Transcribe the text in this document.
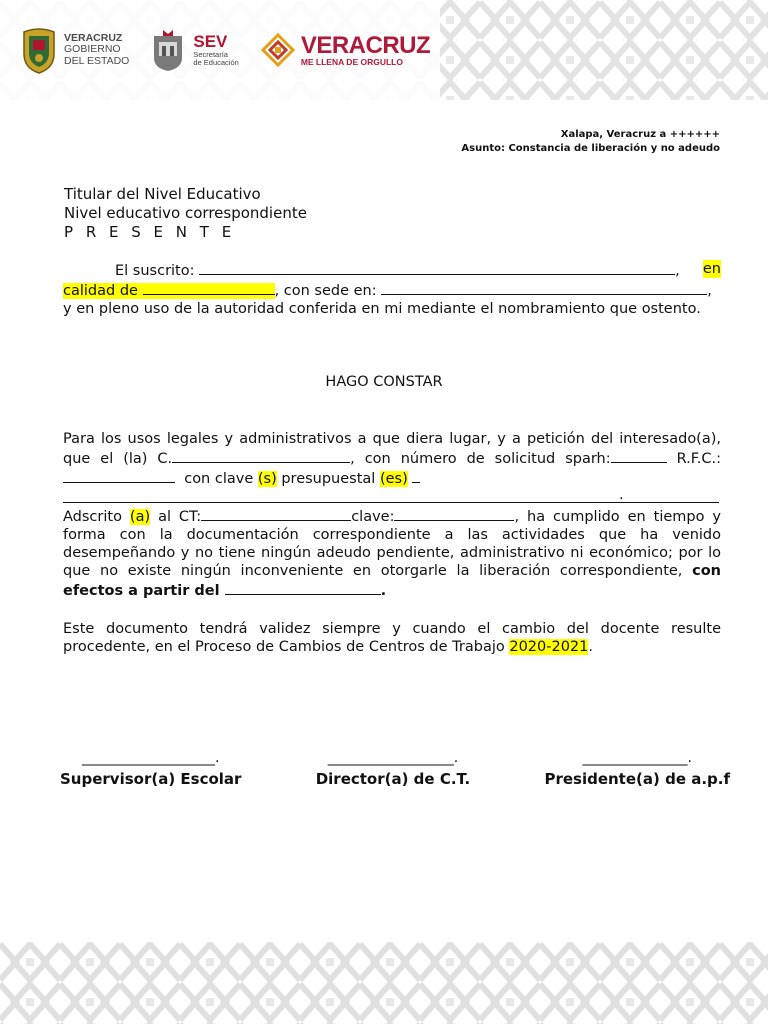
VERACRUZ
GOBIERNO
DEL ESTADO
SEV
Secretaría
de Educación
VERACRUZ
ME LLENA DE ORGULLO
Xalapa, Veracruz a ++++++
Asunto: Constancia de liberación y no adeudo
Titular del Nivel Educativo
Nivel educativo correspondiente
P R E S E N T E
El suscrito:	, en
calidad de	, con sede en:	,
y en pleno uso de la autoridad conferida en mi mediante el nombramiento que ostento.
HAGO CONSTAR
Para los usos legales y administrativos a que diera lugar, y a petición del interesado(a), que el (la) C.	, con número de solicitud sparh:	R.F.C.:  con clave (s) presupuestal (es)
.
Adscrito (a) al CT:	clave:	, ha cumplido en tiempo y forma con la documentación correspondiente a las actividades que ha venido desempeñando y no tiene ningún adeudo pendiente, administrativo ni económico; por lo que no existe ningún inconveniente en otorgarle la liberación correspondiente, con efectos a partir del	.
Este documento tendrá validez siempre y cuando el cambio del docente resulte procedente, en el Proceso de Cambios de Centros de Trabajo 2020-2021.
___________________.
Supervisor(a) Escolar
__________________.
Director(a) de C.T.
_______________.
Presidente(a) de a.p.f
